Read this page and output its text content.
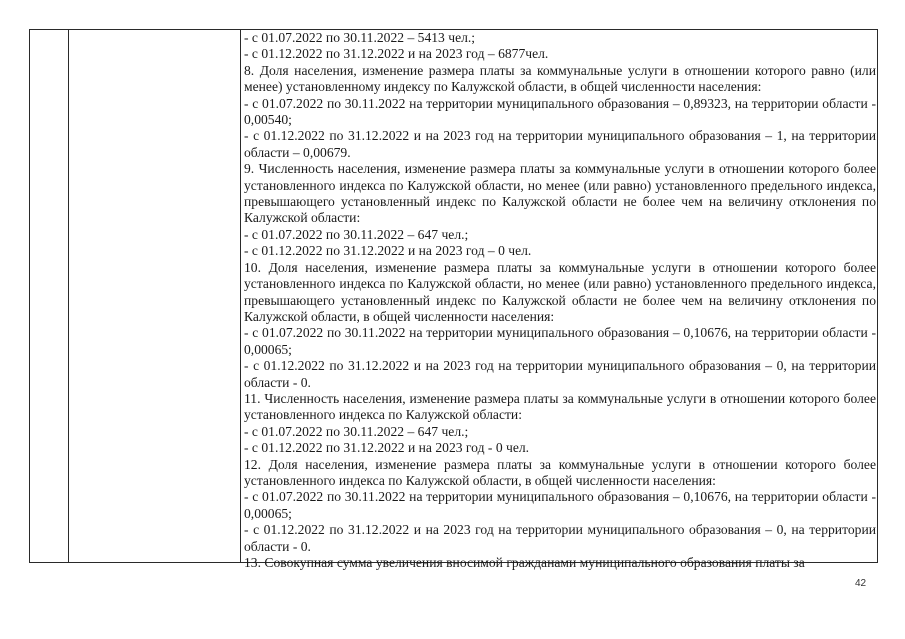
- с 01.07.2022 по 30.11.2022 – 5413 чел.;

- с 01.12.2022 по 31.12.2022 и на 2023 год – 6877чел.

8. Доля населения, изменение размера платы за коммунальные услуги в отношении которого равно (или менее) установленному индексу по Калужской области, в общей численности населения:

- с 01.07.2022 по 30.11.2022 на территории муниципального образования – 0,89323, на территории области - 0,00540;

- с 01.12.2022 по 31.12.2022 и на 2023 год на территории муниципального образования – 1, на территории области – 0,00679.

9. Численность населения, изменение размера платы за коммунальные услуги в отношении которого более установленного индекса по Калужской области, но менее (или равно) установленного предельного индекса, превышающего установленный индекс по Калужской области не более чем на величину отклонения по Калужской области:

- с 01.07.2022 по 30.11.2022 – 647 чел.;

- с 01.12.2022 по 31.12.2022 и на 2023 год – 0 чел.

10. Доля населения, изменение размера платы за коммунальные услуги в отношении которого более установленного индекса по Калужской области, но менее (или равно) установленного предельного индекса, превышающего установленный индекс по Калужской области не более чем на величину отклонения по Калужской области, в общей численности населения:

- с 01.07.2022 по 30.11.2022 на территории муниципального образования – 0,10676, на территории области - 0,00065;

- с 01.12.2022 по 31.12.2022 и на 2023 год на территории муниципального образования – 0, на территории области - 0.

11. Численность населения, изменение размера платы за коммунальные услуги в отношении которого более установленного индекса по Калужской области:

- с 01.07.2022 по 30.11.2022 – 647 чел.;

- с 01.12.2022 по 31.12.2022 и на 2023 год - 0 чел.

12. Доля населения, изменение размера платы за коммунальные услуги в отношении которого более установленного индекса по Калужской области, в общей численности населения:

- с 01.07.2022 по 30.11.2022 на территории муниципального образования – 0,10676, на территории области - 0,00065;

- с 01.12.2022 по 31.12.2022 и на 2023 год на территории муниципального образования – 0, на территории области - 0.

13. Совокупная сумма увеличения вносимой гражданами муниципального образования платы за

42
